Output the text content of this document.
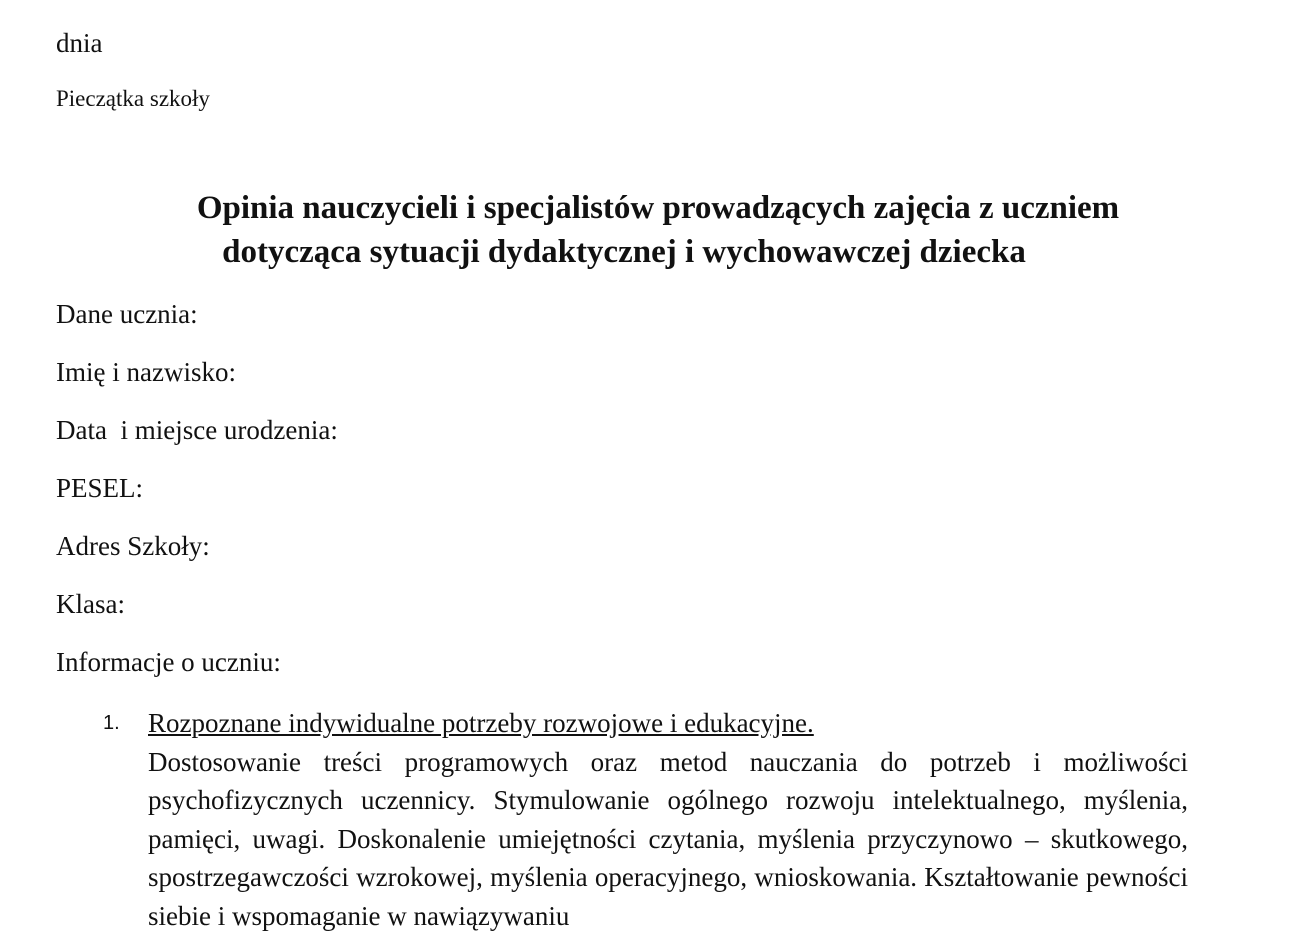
dnia
Pieczątka szkoły
Opinia nauczycieli i specjalistów prowadzących zajęcia z uczniem
dotycząca sytuacji dydaktycznej i wychowawczej dziecka
Dane ucznia:
Imię i nazwisko:
Data  i miejsce urodzenia:
PESEL:
Adres Szkoły:
Klasa:
Informacje o uczniu:
1. Rozpoznane indywidualne potrzeby rozwojowe i edukacyjne.
Dostosowanie treści programowych oraz metod nauczania do potrzeb i możliwości psychofizycznych uczennicy. Stymulowanie ogólnego rozwoju intelektualnego, myślenia, pamięci, uwagi. Doskonalenie umiejętności czytania, myślenia przyczynowo – skutkowego, spostrzegawczości wzrokowej, myślenia operacyjnego, wnioskowania. Kształtowanie pewności siebie i wspomaganie w nawiązywaniu
